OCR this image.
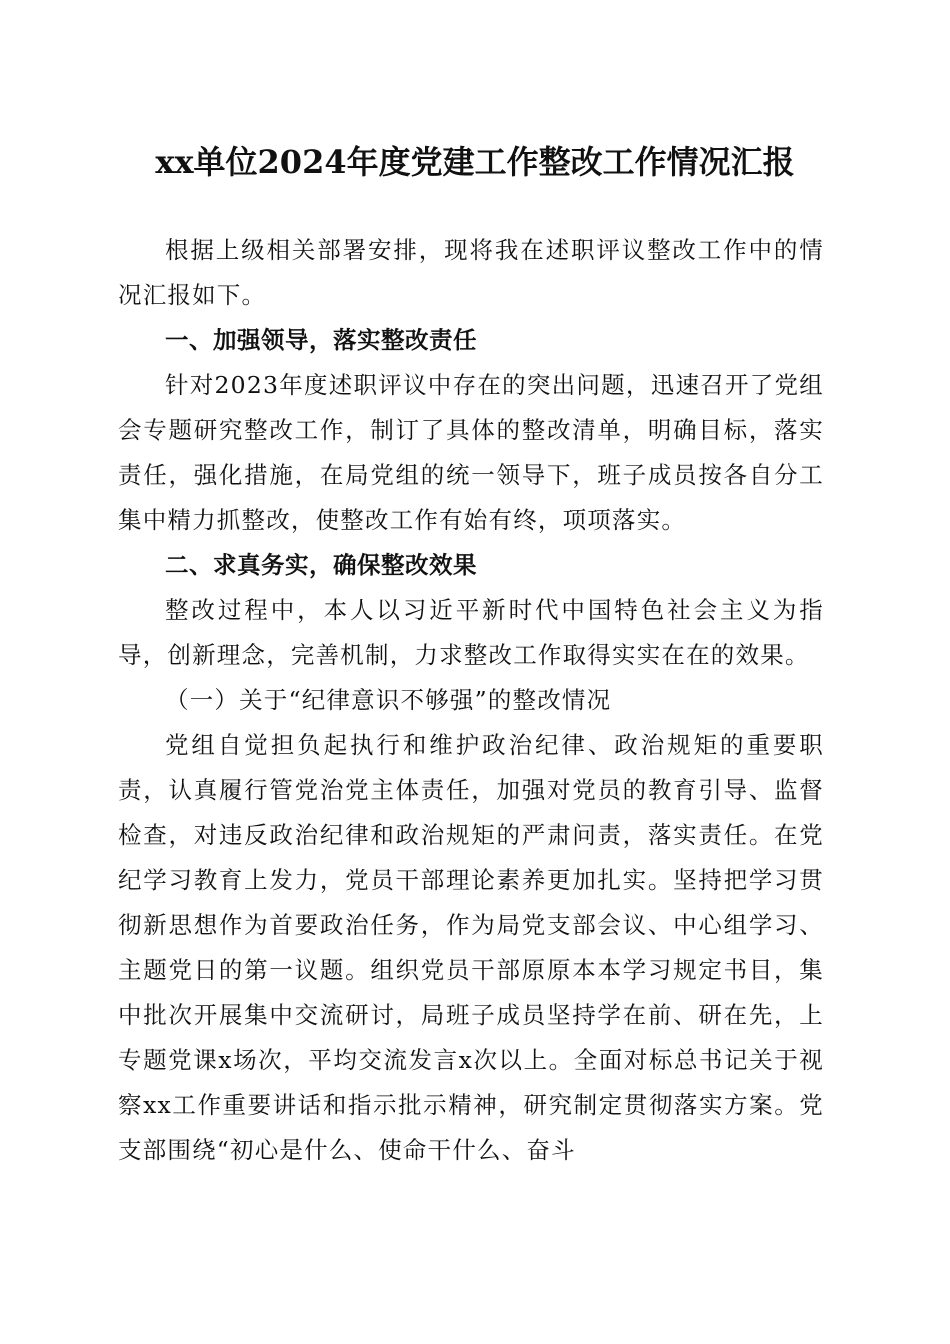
xx单位2024年度党建工作整改工作情况汇报

根据上级相关部署安排，现将我在述职评议整改工作中的情况汇报如下。

一、加强领导，落实整改责任

针对2023年度述职评议中存在的突出问题，迅速召开了党组会专题研究整改工作，制订了具体的整改清单，明确目标，落实责任，强化措施，在局党组的统一领导下，班子成员按各自分工集中精力抓整改，使整改工作有始有终，项项落实。

二、求真务实，确保整改效果

整改过程中，本人以习近平新时代中国特色社会主义为指导，创新理念，完善机制，力求整改工作取得实实在在的效果。

（一）关于“纪律意识不够强”的整改情况

党组自觉担负起执行和维护政治纪律、政治规矩的重要职责，认真履行管党治党主体责任，加强对党员的教育引导、监督检查，对违反政治纪律和政治规矩的严肃问责，落实责任。在党纪学习教育上发力，党员干部理论素养更加扎实。坚持把学习贯彻新思想作为首要政治任务，作为局党支部会议、中心组学习、主题党日的第一议题。组织党员干部原原本本学习规定书目，集中批次开展集中交流研讨，局班子成员坚持学在前、研在先，上专题党课x场次，平均交流发言x次以上。全面对标总书记关于视察xx工作重要讲话和指示批示精神，研究制定贯彻落实方案。党支部围绕“初心是什么、使命干什么、奋斗
